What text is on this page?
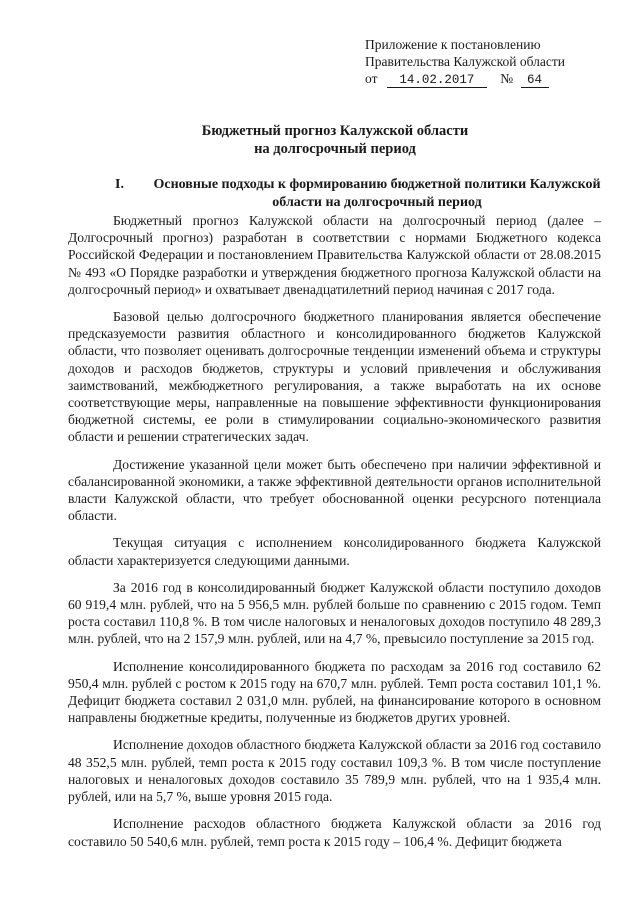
Приложение к постановлению
Правительства Калужской области
от 14.02.2017 № 64
Бюджетный прогноз Калужской области
на долгосрочный период
I.	Основные подходы к формированию бюджетной политики Калужской
области на долгосрочный период

Бюджетный прогноз Калужской области на долгосрочный период (далее – Долгосрочный прогноз) разработан в соответствии с нормами Бюджетного кодекса Российской Федерации и постановлением Правительства Калужской области от 28.08.2015 № 493 «О Порядке разработки и утверждения бюджетного прогноза Калужской области на долгосрочный период» и охватывает двенадцатилетний период начиная с 2017 года.

Базовой целью долгосрочного бюджетного планирования является обеспечение предсказуемости развития областного и консолидированного бюджетов Калужской области, что позволяет оценивать долгосрочные тенденции изменений объема и структуры доходов и расходов бюджетов, структуры и условий привлечения и обслуживания заимствований, межбюджетного регулирования, а также выработать на их основе соответствующие меры, направленные на повышение эффективности функционирования бюджетной системы, ее роли в стимулировании социально-экономического развития области и решении стратегических задач.

Достижение указанной цели может быть обеспечено при наличии эффективной и сбалансированной экономики, а также эффективной деятельности органов исполнительной власти Калужской области, что требует обоснованной оценки ресурсного потенциала области.

Текущая ситуация с исполнением консолидированного бюджета Калужской области характеризуется следующими данными.

За 2016 год в консолидированный бюджет Калужской области поступило доходов 60 919,4 млн. рублей, что на 5 956,5 млн. рублей больше по сравнению с 2015 годом. Темп роста составил 110,8 %. В том числе налоговых и неналоговых доходов поступило 48 289,3 млн. рублей, что на 2 157,9 млн. рублей, или на 4,7 %, превысило поступление за 2015 год.

Исполнение консолидированного бюджета по расходам за 2016 год составило 62 950,4 млн. рублей с ростом к 2015 году на 670,7 млн. рублей. Темп роста составил 101,1 %. Дефицит бюджета составил 2 031,0 млн. рублей, на финансирование которого в основном направлены бюджетные кредиты, полученные из бюджетов других уровней.

Исполнение доходов областного бюджета Калужской области за 2016 год составило 48 352,5 млн. рублей, темп роста к 2015 году составил 109,3 %. В том числе поступление налоговых и неналоговых доходов составило 35 789,9 млн. рублей, что на 1 935,4 млн. рублей, или на 5,7 %, выше уровня 2015 года.

Исполнение расходов областного бюджета Калужской области за 2016 год составило 50 540,6 млн. рублей, темп роста к 2015 году – 106,4 %. Дефицит бюджета
